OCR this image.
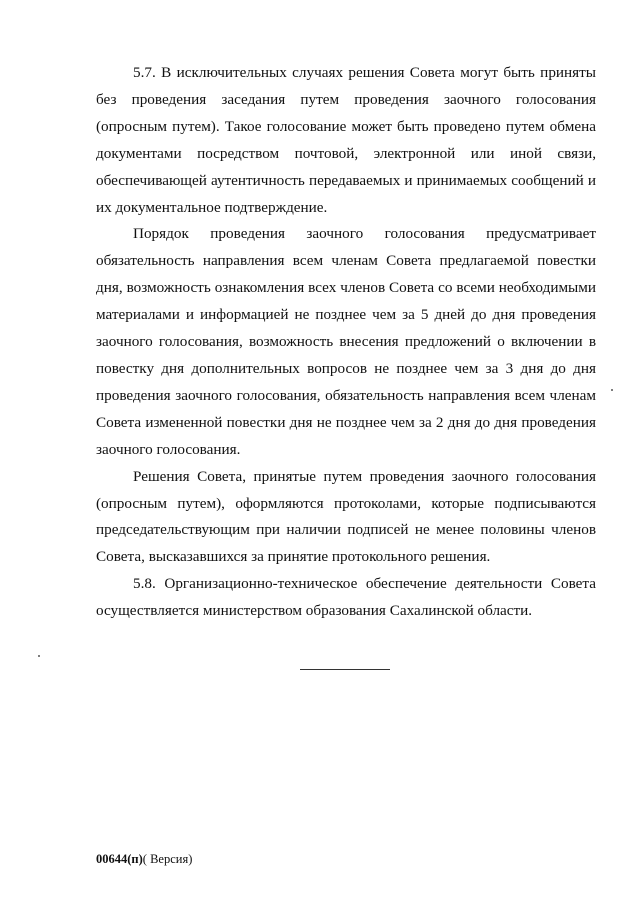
5.7. В исключительных случаях решения Совета могут быть приняты без проведения заседания путем проведения заочного голосования (опросным путем). Такое голосование может быть проведено путем обмена документами посредством почтовой, электронной или иной связи, обеспечивающей аутентичность передаваемых и принимаемых сообщений и их документальное подтверждение.

Порядок проведения заочного голосования предусматривает обязательность направления всем членам Совета предлагаемой повестки дня, возможность ознакомления всех членов Совета со всеми необходимыми материалами и информацией не позднее чем за 5 дней до дня проведения заочного голосования, возможность внесения предложений о включении в повестку дня дополнительных вопросов не позднее чем за 3 дня до дня проведения заочного голосования, обязательность направления всем членам Совета измененной повестки дня не позднее чем за 2 дня до дня проведения заочного голосования.

Решения Совета, принятые путем проведения заочного голосования (опросным путем), оформляются протоколами, которые подписываются председательствующим при наличии подписей не менее половины членов Совета, высказавшихся за принятие протокольного решения.

5.8. Организационно-техническое обеспечение деятельности Совета осуществляется министерством образования Сахалинской области.

00644(п)( Версия)
